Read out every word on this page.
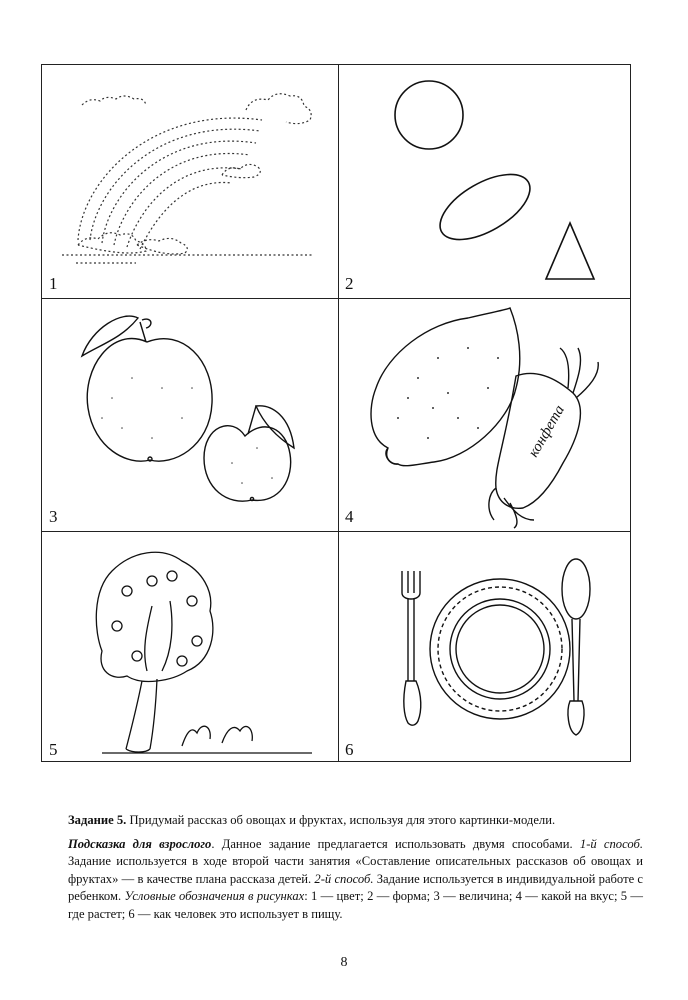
1	2
3
конфета
4
5	6

Задание 5. Придумай рассказ об овощах и фруктах, используя для этого картинки-модели.

Подсказка для взрослого. Данное задание предлагается использовать двумя способами. 1-й способ. Задание используется в ходе второй части занятия «Составление описательных рассказов об овощах и фруктах» — в качестве плана рассказа детей. 2-й способ. Задание используется в индивидуальной работе с ребенком. Условные обозначения в рисунках: 1 — цвет; 2 — форма; 3 — величина; 4 — какой на вкус; 5 — где растет; 6 — как человек это использует в пищу.

8
